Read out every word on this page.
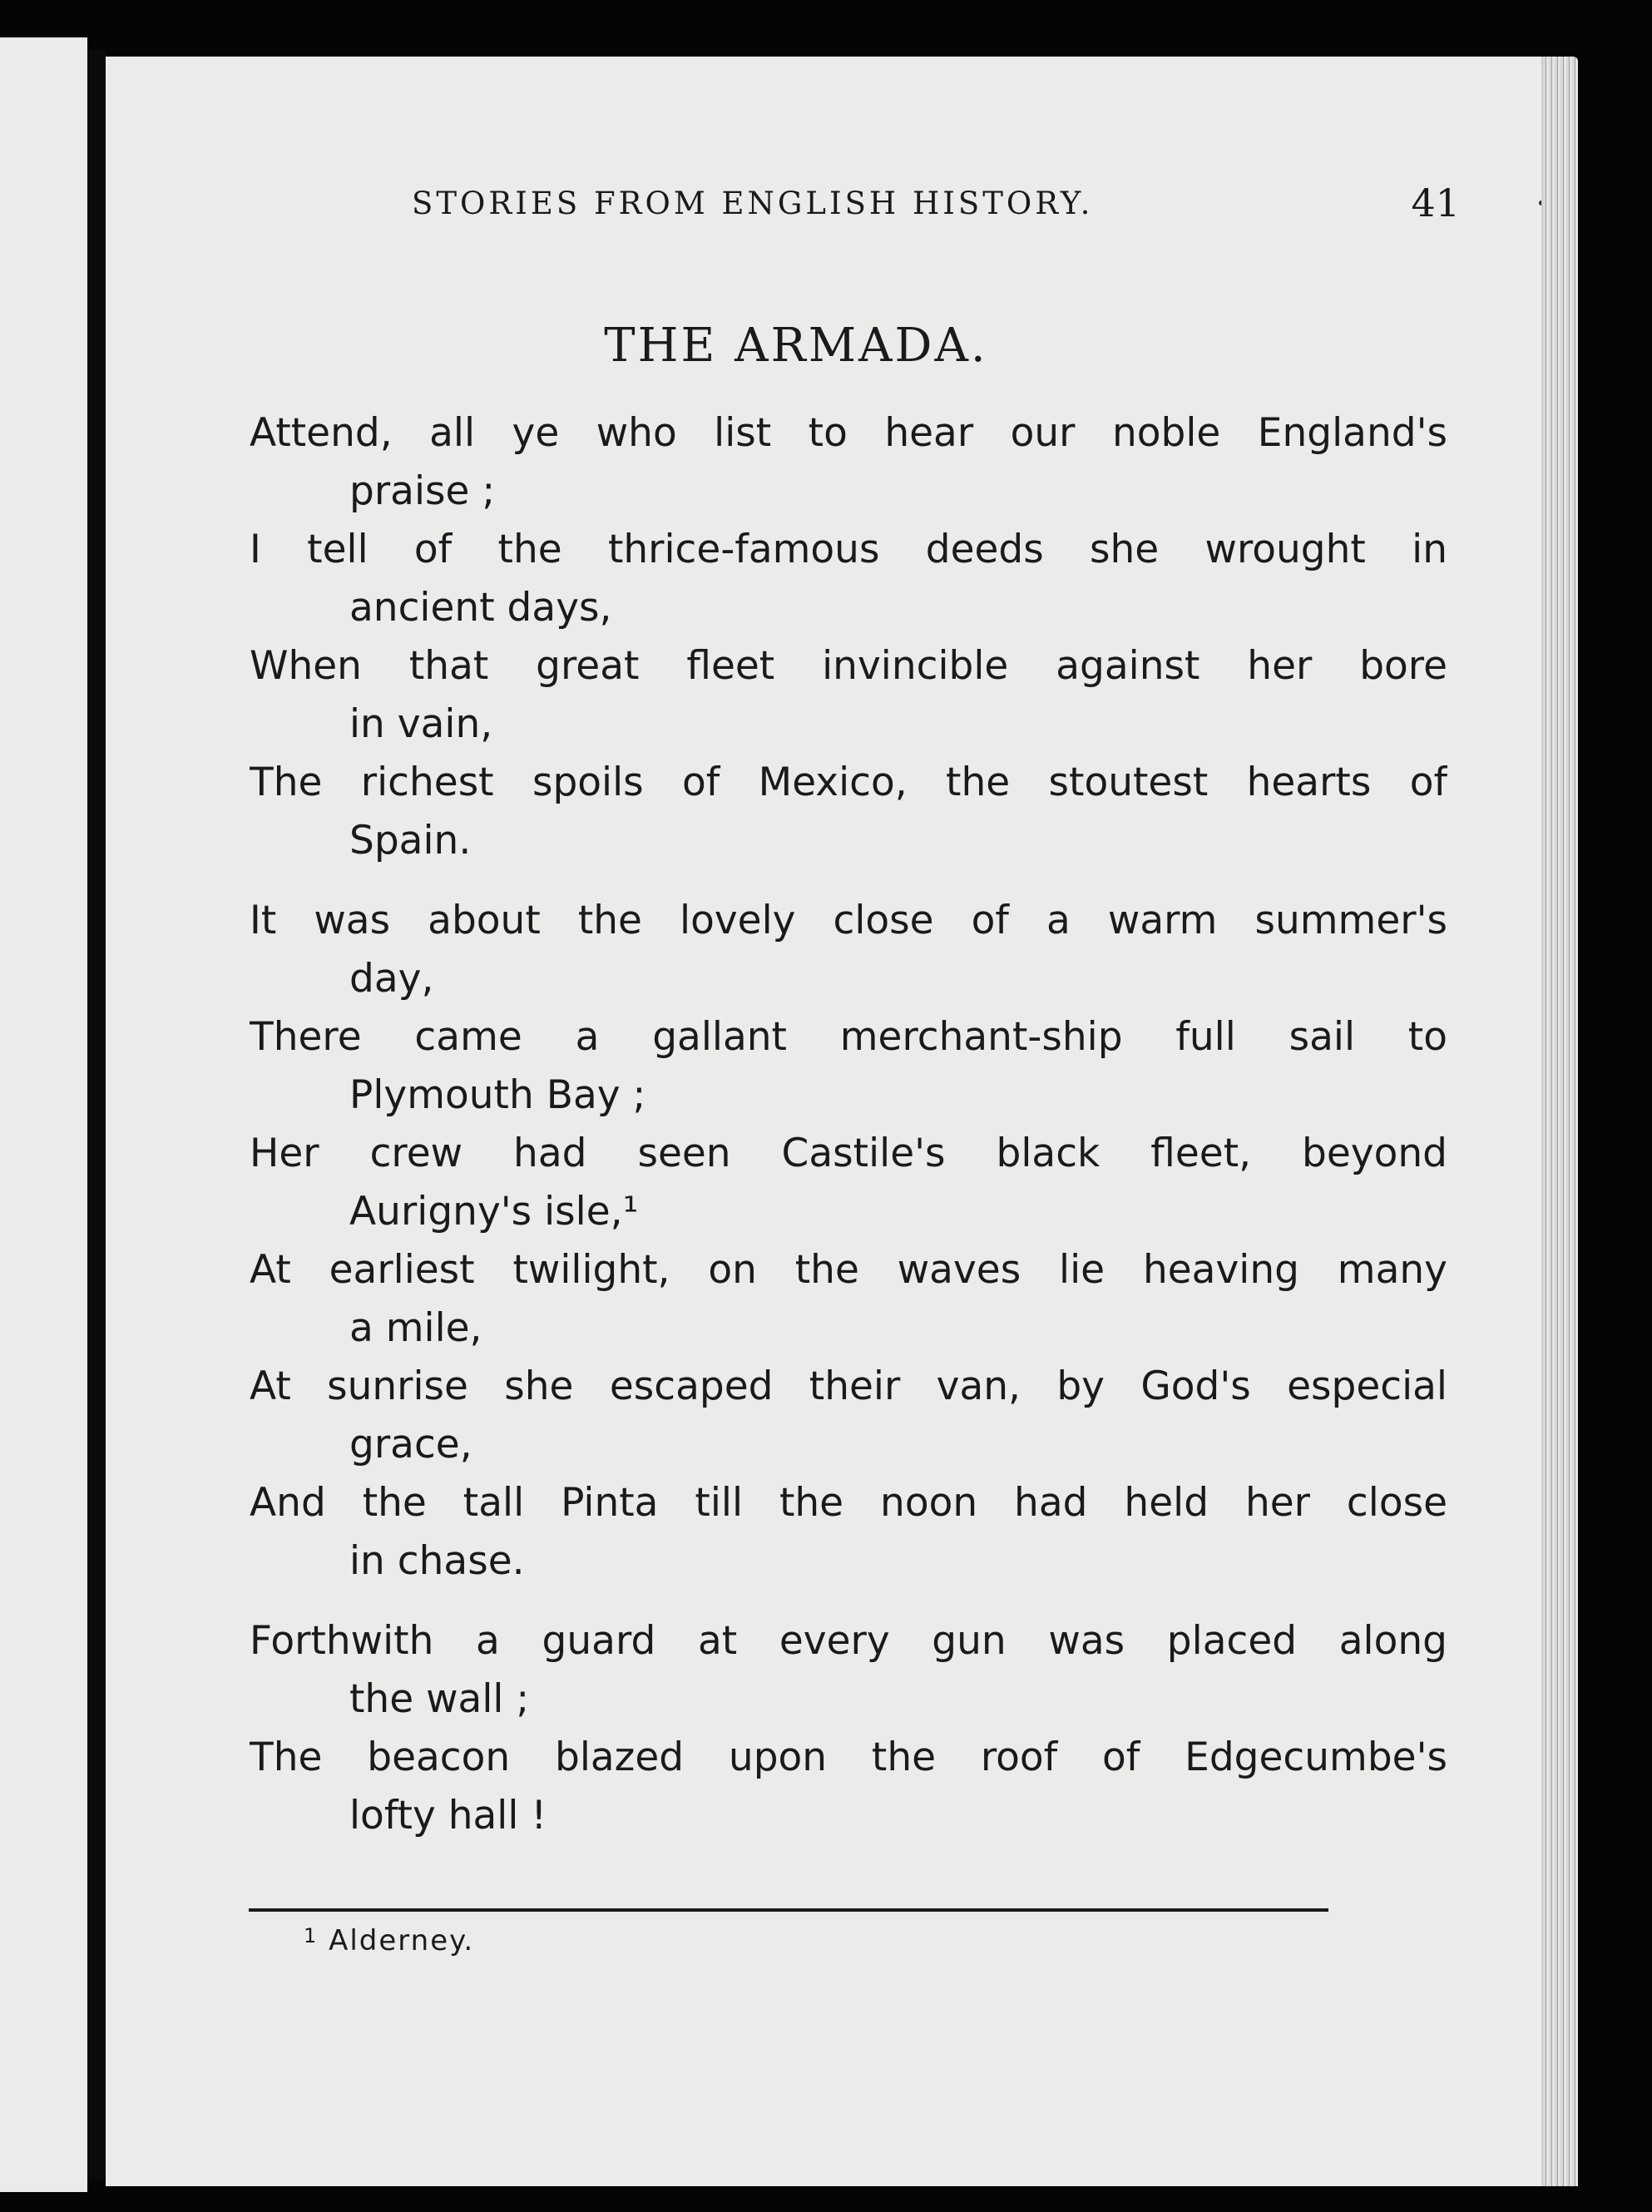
STORIES FROM ENGLISH HISTORY.	41
THE ARMADA.
Attend, all ye who list to hear our noble England's
praise ;
I tell of the thrice-famous deeds she wrought in
ancient days,
When that great fleet invincible against her bore
in vain,
The richest spoils of Mexico, the stoutest hearts of
Spain.
It was about the lovely close of a warm summer's
day,
There came a gallant merchant-ship full sail to
Plymouth Bay ;
Her crew had seen Castile's black fleet, beyond
Aurigny's isle,¹
At earliest twilight, on the waves lie heaving many
a mile,
At sunrise she escaped their van, by God's especial
grace,
And the tall Pinta till the noon had held her close
in chase.
Forthwith a guard at every gun was placed along
the wall ;
The beacon blazed upon the roof of Edgecumbe's
lofty hall !
$^1$ Alderney.
